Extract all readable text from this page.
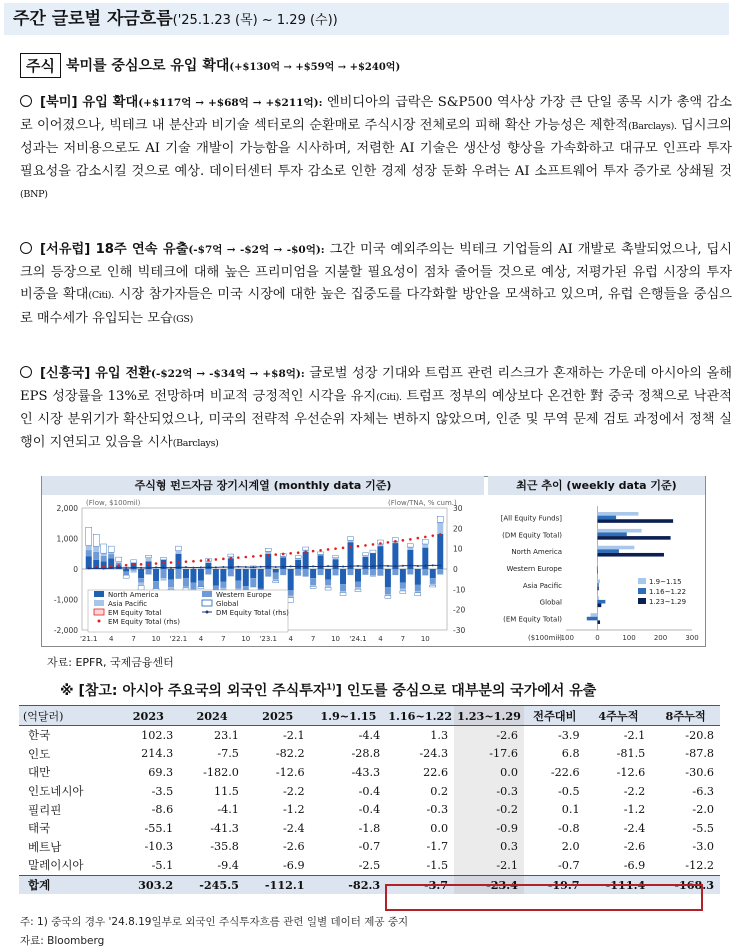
주간 글로벌 자금흐름('25.1.23 (목) ~ 1.29 (수))
주식 북미를 중심으로 유입 확대 (+$130억 → +$59억 → +$240억)
[북미] 유입 확대(+$117억 → +$68억 → +$211억): 엔비디아의 급락은 S&P500 역사상 가장 큰 단일 종목 시가 총액 감소로 이어졌으나, 빅테크 내 분산과 비기술 섹터로의 순환매로 주식시장 전체로의 피해 확산 가능성은 제한적(Barclays). 딥시크의 성과는 저비용으로도 AI 기술 개발이 가능함을 시사하며, 저렴한 AI 기술은 생산성 향상을 가속화하고 대규모 인프라 투자 필요성을 감소시킬 것으로 예상. 데이터센터 투자 감소로 인한 경제 성장 둔화 우려는 AI 소프트웨어 투자 증가로 상쇄될 것(BNP)
[서유럽] 18주 연속 유출(-$7억 → -$2억 → -$0억): 그간 미국 예외주의는 빅테크 기업들의 AI 개발로 촉발되었으나, 딥시크의 등장으로 인해 빅테크에 대해 높은 프리미엄을 지불할 필요성이 점차 줄어들 것으로 예상, 저평가된 유럽 시장의 투자 비중을 확대(Citi). 시장 참가자들은 미국 시장에 대한 높은 집중도를 다각화할 방안을 모색하고 있으며, 유럽 은행들을 중심으로 매수세가 유입되는 모습(GS)
[신흥국] 유입 전환(-$22억 → -$34억 → +$8억): 글로벌 성장 기대와 트럼프 관련 리스크가 혼재하는 가운데 아시아의 올해 EPS 성장률을 13%로 전망하며 비교적 긍정적인 시각을 유지(Citi). 트럼프 정부의 예상보다 온건한 對 중국 정책으로 낙관적인 시장 분위기가 확산되었으나, 미국의 전략적 우선순위 자체는 변하지 않았으며, 인준 및 무역 문제 검토 과정에서 정책 실행이 지연되고 있음을 시사(Barclays)
주식형 펀드자금 장기시계열 (monthly data 기준)	최근 추이 (weekly data 기준)
(Flow, $100mil)	(Flow/TNA, % cum.)
2,000
1,000
0
-1,000
-2,000
30
20
10
0
-10
-20
-30
'21.1 4	7 10 '22.1 4	7 10 '23.1 4	7 10 '24.1 4	7 10
North America	Western Europe
Asia Pacific	Global
EM Equity Total	DM Equity Total (rhs)
EM Equity Total (rhs)
[All Equity Funds]
(DM Equity Total)
North America
Western Europe
Asia Pacific
Global
(EM Equity Total)
-100	0	100	200	300
($100mil)
1.9~1.15
1.16~1.22
1.23~1.29
자료: EPFR, 국제금융센터
※ [참고: 아시아 주요국의 외국인 주식투자$^{1)}$] 인도를 중심으로 대부분의 국가에서 유출
(억달러)	2023	2024	2025	1.9~1.15	1.16~1.22	1.23~1.29	전주대비	4주누적	8주누적
한국	102.3	23.1	-2.1	-4.4	1.3	-2.6	-3.9	-2.1	-20.8
인도	214.3	-7.5	-82.2	-28.8	-24.3	-17.6	6.8	-81.5	-87.8
대만	69.3	-182.0	-12.6	-43.3	22.6	0.0	-22.6	-12.6	-30.6
인도네시아	-3.5	11.5	-2.2	-0.4	0.2	-0.3	-0.5	-2.2	-6.3
필리핀	-8.6	-4.1	-1.2	-0.4	-0.3	-0.2	0.1	-1.2	-2.0
태국	-55.1	-41.3	-2.4	-1.8	0.0	-0.9	-0.8	-2.4	-5.5
베트남	-10.3	-35.8	-2.6	-0.7	-1.7	0.3	2.0	-2.6	-3.0
말레이시아	-5.1	-9.4	-6.9	-2.5	-1.5	-2.1	-0.7	-6.9	-12.2
합계	303.2	-245.5	-112.1	-82.3	-3.7	-23.4	-19.7	-111.4	-168.3
주: 1) 중국의 경우 '24.8.19일부로 외국인 주식투자흐름 관련 일별 데이터 제공 중지
자료: Bloomberg
